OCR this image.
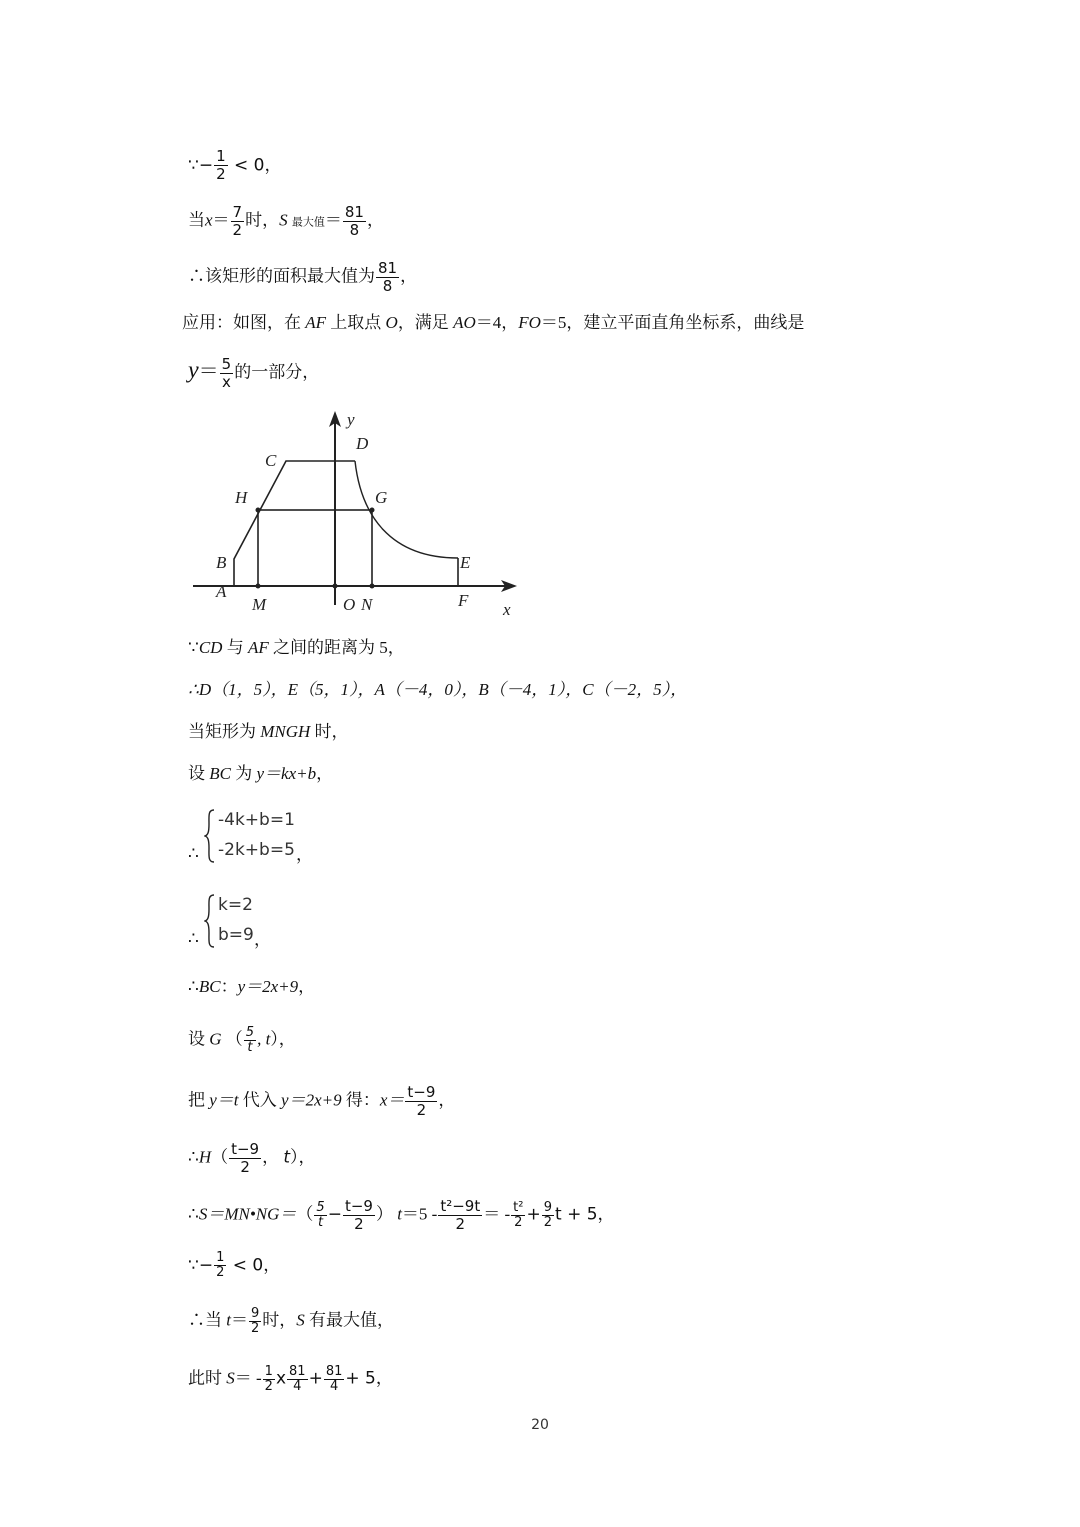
∵− $\frac{1}{2} < 0$，
当$x= \frac{7}{2}$ 时，S 最大值＝ $\frac{81}{8}$ ，
∴该矩形的面积最大值为 $\frac{81}{8}$ ，
应用：如图，在 AF 上取点 O，满足 AO＝4，FO＝5，建立平面直角坐标系，曲线是
$y= \frac{5}{x}$ 的一部分，
y
x
C
D
H	G
B	E
A
M	O N	F
∵CD 与 AF 之间的距离为 5，
∴D（1，5），E（5，1），A（－4，0），B（－4，1），C（－2，5），
当矩形为 MNGH 时，
设 BC 为 y＝kx+b，
-4k+b=1
-2k+b=5
∴	，
k=2
b=9
∴	，
∴BC：y＝2x+9，
设 G （ $\frac{5}{t}$ , t），
把 y＝t 代入 y＝2x+9 得：$x= \frac{t-9}{2}$ ，
∴H（ $\frac{t-9}{2}$ ， t），
∴S＝MN•NG＝（ $\frac{5}{t} - \frac{t-9}{2}$ ） $t=5 - \frac{\text{t²−9t}}{2}$ ＝ - $\frac{\text{t²}}{2} + \frac{9}{2}$ t + 5，
∵− $\frac{1}{2} < 0$，
∴当 $t= \frac{9}{2}$ 时，S 有最大值，
此时 $S= - \frac{1}{2}$ x $\frac{81}{4} + \frac{81}{4} + 5$，
20
